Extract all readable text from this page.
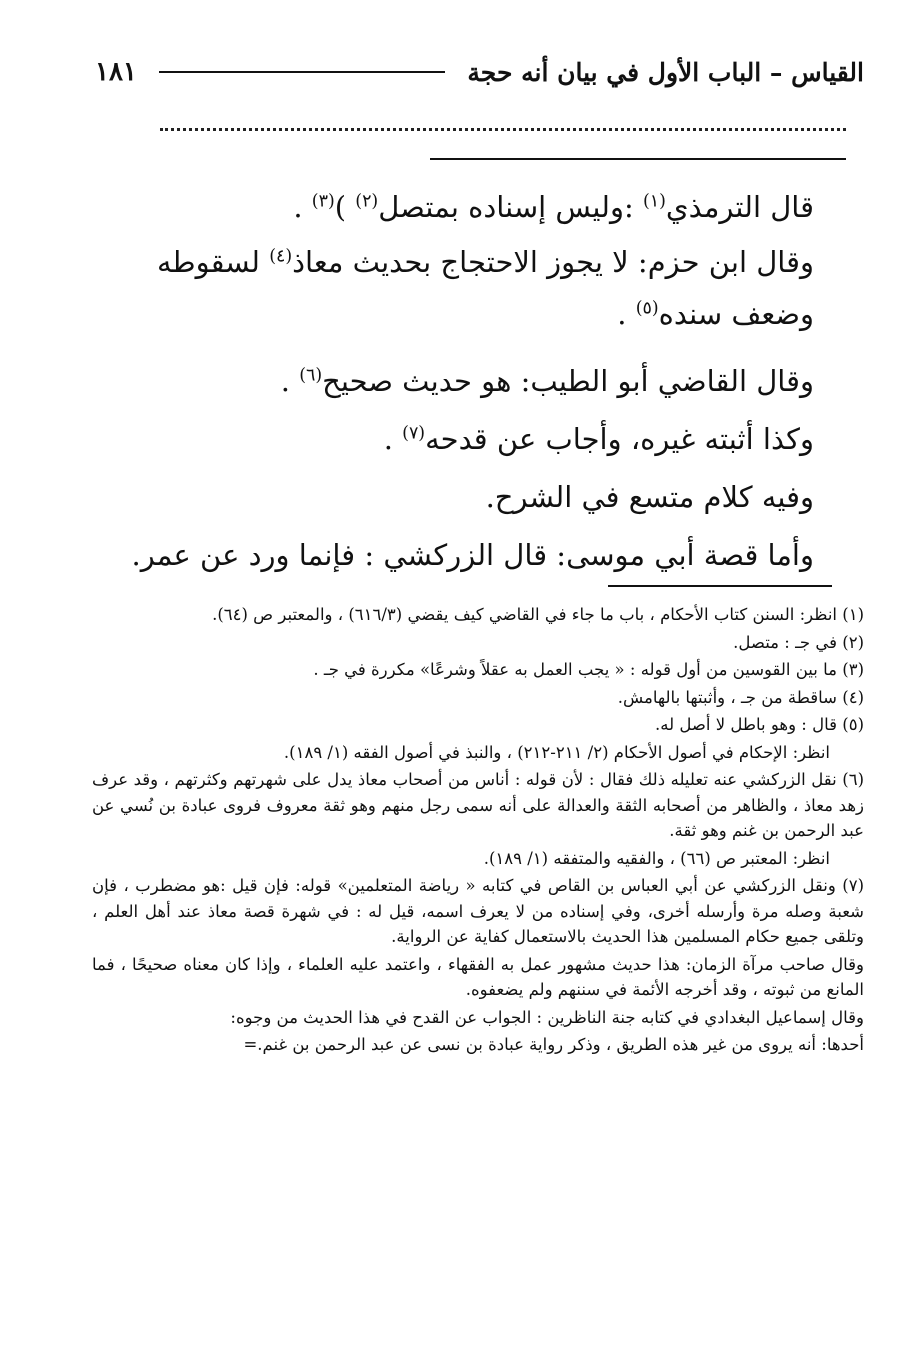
القياس – الباب الأول في بيان أنه حجة
١٨١

قال الترمذي$^{(١)}$ :وليس إسناده بمتصل$^{(٢)}$ )$^{(٣)}$ .

وقال ابن حزم: لا يجوز الاحتجاج بحديث معاذ$^{(٤)}$ لسقوطه وضعف سنده$^{(٥)}$ .

وقال القاضي أبو الطيب: هو حديث صحيح$^{(٦)}$ .

وكذا أثبته غيره، وأجاب عن قدحه$^{(٧)}$ .

وفيه كلام متسع في الشرح.

وأما قصة أبي موسى: قال الزركشي : فإنما ورد عن عمر.

(١) انظر: السنن كتاب الأحكام ، باب ما جاء في القاضي كيف يقضي (٦١٦/٣) ، والمعتبر ص (٦٤).

(٢) في جـ : متصل.

(٣) ما بين القوسين من أول قوله : « يجب العمل به عقلاً وشرعًا» مكررة في جـ .

(٤) ساقطة من جـ ، وأثبتها بالهامش.

(٥) قال : وهو باطل لا أصل له.

انظر: الإحكام في أصول الأحكام (٢/ ٢١١-٢١٢) ، والنبذ في أصول الفقه (١/ ١٨٩).

(٦) نقل الزركشي عنه تعليله ذلك فقال : لأن قوله : أناس من أصحاب معاذ يدل على شهرتهم وكثرتهم ، وقد عرف زهد معاذ ، والظاهر من أصحابه الثقة والعدالة على أنه سمى رجل منهم وهو ثقة معروف فروى عبادة بن نُسي عن عبد الرحمن بن غنم وهو ثقة.

انظر: المعتبر ص (٦٦) ، والفقيه والمتفقه (١/ ١٨٩).

(٧) ونقل الزركشي عن أبي العباس بن القاص في كتابه « رياضة المتعلمين» قوله: فإن قيل :هو مضطرب ، فإن شعبة وصله مرة وأرسله أخرى، وفي إسناده من لا يعرف اسمه، قيل له : في شهرة قصة معاذ عند أهل العلم ، وتلقى جميع حكام المسلمين هذا الحديث بالاستعمال كفاية عن الرواية.

وقال صاحب مرآة الزمان: هذا حديث مشهور عمل به الفقهاء ، واعتمد عليه العلماء ، وإذا كان معناه صحيحًا ، فما المانع من ثبوته ، وقد أخرجه الأئمة في سننهم ولم يضعفوه.

وقال إسماعيل البغدادي في كتابه جنة الناظرين : الجواب عن القدح في هذا الحديث من وجوه:

أحدها: أنه يروى من غير هذه الطريق ، وذكر رواية عبادة بن نسى عن عبد الرحمن بن غنم.=
